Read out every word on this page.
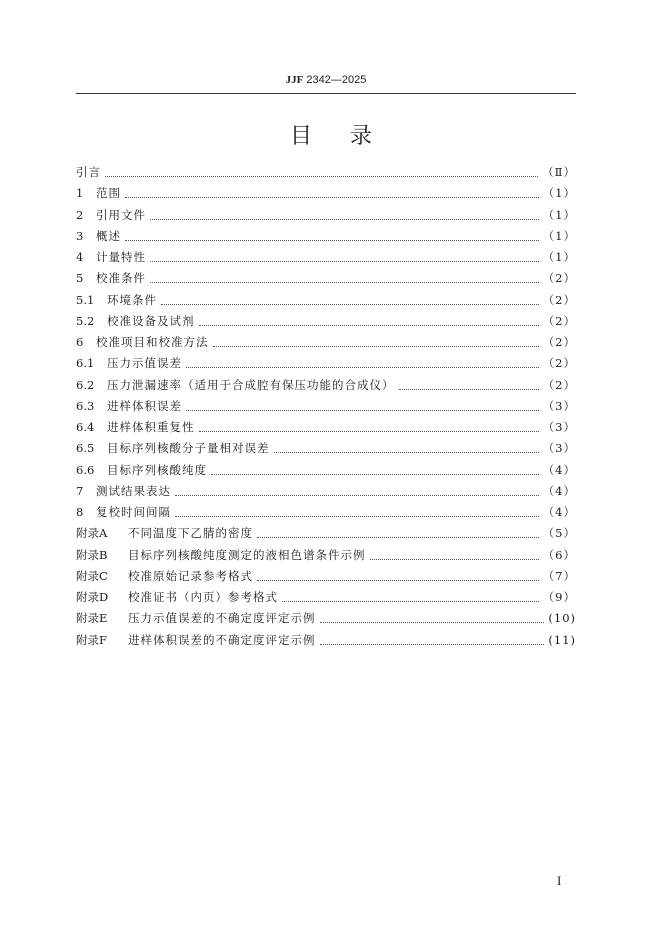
JJF 2342—2025
目录
引言	（Ⅱ）
1	范围	（1）
2	引用文件	（1）
3	概述	（1）
4	计量特性	（1）
5	校准条件	（2）
5.1	环境条件	（2）
5.2	校准设备及试剂	（2）
6	校准项目和校准方法	（2）
6.1	压力示值误差	（2）
6.2	压力泄漏速率（适用于合成腔有保压功能的合成仪）	（2）
6.3	进样体积误差	（3）
6.4	进样体积重复性	（3）
6.5	目标序列核酸分子量相对误差	（3）
6.6	目标序列核酸纯度	（4）
7	测试结果表达	（4）
8	复校时间间隔	（4）
附录A	不同温度下乙腈的密度	（5）
附录B	目标序列核酸纯度测定的液相色谱条件示例	（6）
附录C	校准原始记录参考格式	（7）
附录D	校准证书（内页）参考格式	（9）
附录E	压力示值误差的不确定度评定示例	(10)
附录F	进样体积误差的不确定度评定示例	(11)
I
